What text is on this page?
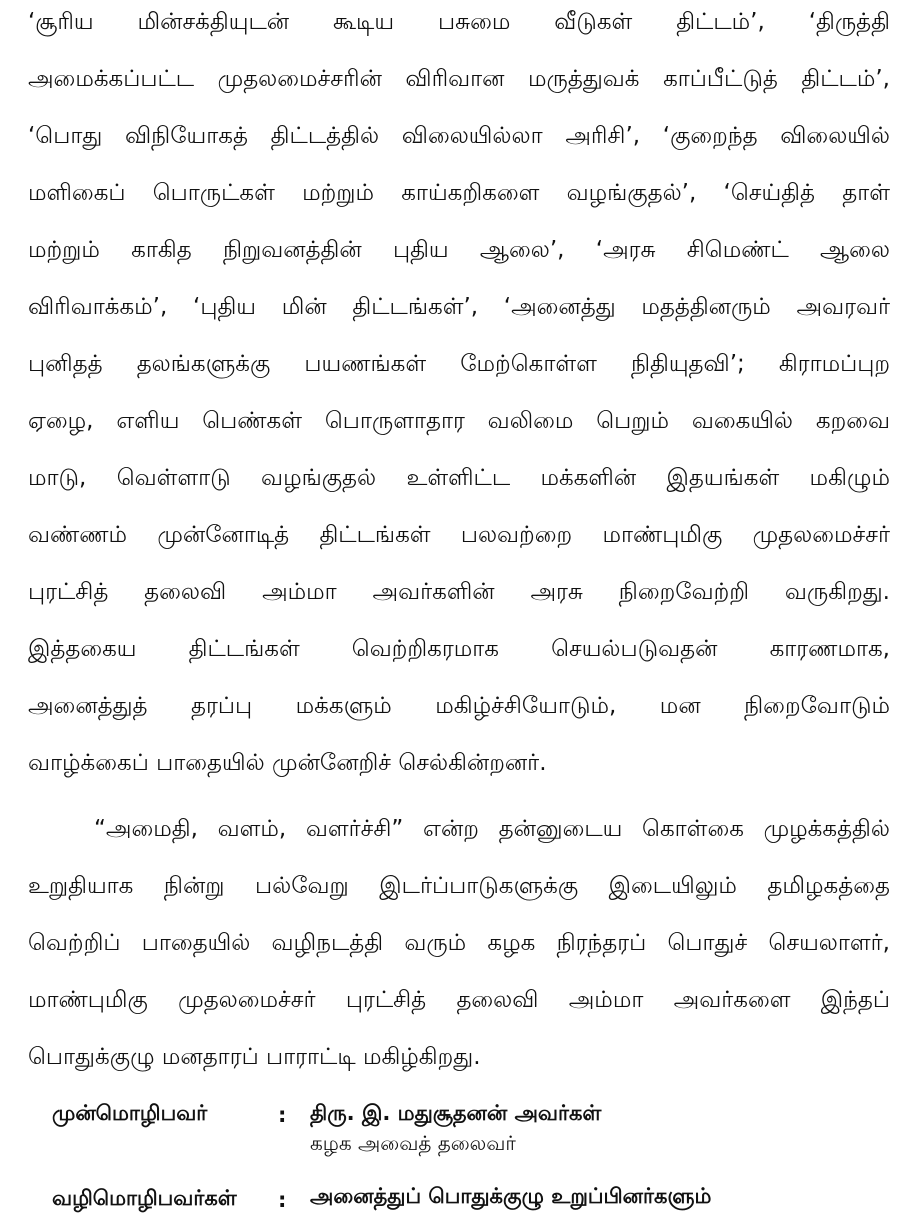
‘சூரிய மின்சக்தியுடன் கூடிய பசுமை வீடுகள் திட்டம்’, ‘திருத்தி
அமைக்கப்பட்ட முதலமைச்சரின் விரிவான மருத்துவக் காப்பீட்டுத் திட்டம்’,
‘பொது விநியோகத் திட்டத்தில் விலையில்லா அரிசி’, ‘குறைந்த விலையில்
மளிகைப் பொருட்கள் மற்றும் காய்கறிகளை வழங்குதல்’, ‘செய்தித் தாள்
மற்றும் காகித நிறுவனத்தின் புதிய ஆலை’, ‘அரசு சிமெண்ட் ஆலை
விரிவாக்கம்’, ‘புதிய மின் திட்டங்கள்’, ‘அனைத்து மதத்தினரும் அவரவர்
புனிதத் தலங்களுக்கு பயணங்கள் மேற்கொள்ள நிதியுதவி’; கிராமப்புற
ஏழை, எளிய பெண்கள் பொருளாதார வலிமை பெறும் வகையில் கறவை
மாடு, வெள்ளாடு வழங்குதல் உள்ளிட்ட மக்களின் இதயங்கள் மகிழும்
வண்ணம் முன்னோடித் திட்டங்கள் பலவற்றை மாண்புமிகு முதலமைச்சர்
புரட்சித் தலைவி அம்மா அவர்களின் அரசு நிறைவேற்றி வருகிறது.
இத்தகைய திட்டங்கள் வெற்றிகரமாக செயல்படுவதன் காரணமாக,
அனைத்துத் தரப்பு மக்களும் மகிழ்ச்சியோடும், மன நிறைவோடும்
வாழ்க்கைப் பாதையில் முன்னேறிச் செல்கின்றனர்.
“அமைதி, வளம், வளர்ச்சி” என்ற தன்னுடைய கொள்கை முழக்கத்தில்
உறுதியாக நின்று பல்வேறு இடர்ப்பாடுகளுக்கு இடையிலும் தமிழகத்தை
வெற்றிப் பாதையில் வழிநடத்தி வரும் கழக நிரந்தரப் பொதுச் செயலாளர்,
மாண்புமிகு முதலமைச்சர் புரட்சித் தலைவி அம்மா அவர்களை இந்தப்
பொதுக்குழு மனதாரப் பாராட்டி மகிழ்கிறது.
முன்மொழிபவர்	: திரு. இ. மதுசூதனன் அவர்கள்
கழக அவைத் தலைவர்
வழிமொழிபவர்கள் : அனைத்துப் பொதுக்குழு உறுப்பினர்களும்
